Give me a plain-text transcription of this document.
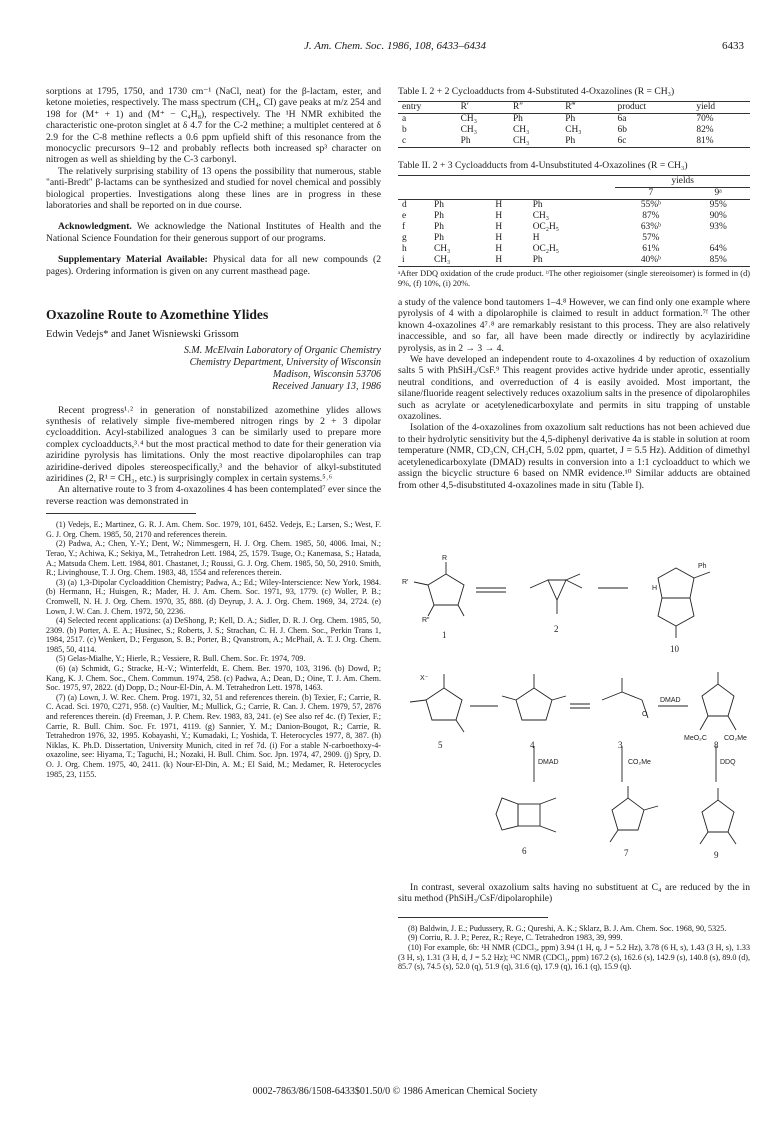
J. Am. Chem. Soc. 1986, 108, 6433–6434	6433

sorptions at 1795, 1750, and 1730 cm⁻¹ (NaCl, neat) for the β-lactam, ester, and ketone moieties, respectively. The mass spectrum (CH₄, CI) gave peaks at m/z 254 and 198 for (M⁺ + 1) and (M⁺ − C₄H₈), respectively. The ¹H NMR exhibited the characteristic one-proton singlet at δ 4.7 for the C-2 methine; a multiplet centered at δ 2.9 for the C-8 methine reflects a 0.6 ppm upfield shift of this resonance from the monocyclic precursors 9–12 and probably reflects both increased sp³ character on nitrogen as well as shielding by the C-3 carbonyl.

The relatively surprising stability of 13 opens the possibility that numerous, stable "anti-Bredt" β-lactams can be synthesized and studied for novel chemical and possibly biological properties. Investigations along these lines are in progress in these laboratories and shall be reported on in due course.

Acknowledgment. We acknowledge the National Institutes of Health and the National Science Foundation for their generous support of our programs.

Supplementary Material Available: Physical data for all new compounds (2 pages). Ordering information is given on any current masthead page.

Oxazoline Route to Azomethine Ylides
Edwin Vedejs* and Janet Wisniewski Grissom
S.M. McElvain Laboratory of Organic Chemistry
Chemistry Department, University of Wisconsin
Madison, Wisconsin 53706
Received January 13, 1986

Recent progress¹˒² in generation of nonstabilized azomethine ylides allows synthesis of relatively simple five-membered nitrogen rings by 2 + 3 dipolar cycloaddition. Acyl-stabilized analogues 3 can be similarly used to prepare more complex cycloadducts,³˒⁴ but the most practical method to date for their generation via aziridine pyrolysis has limitations. Only the most reactive dipolarophiles can trap aziridine-derived dipoles stereospecifically,³ and the behavior of alkyl-substituted aziridines (2, R¹ = CH₃, etc.) is surprisingly complex in certain systems.⁵˒⁶

An alternative route to 3 from 4-oxazolines 4 has been contemplated⁷ ever since the reverse reaction was demonstrated in

(1) Vedejs, E.; Martinez, G. R. J. Am. Chem. Soc. 1979, 101, 6452. Vedejs, E.; Larsen, S.; West, F. G. J. Org. Chem. 1985, 50, 2170 and references therein.

(2) Padwa, A.; Chen, Y.-Y.; Dent, W.; Nimmesgern, H. J. Org. Chem. 1985, 50, 4006. Imai, N.; Terao, Y.; Achiwa, K.; Sekiya, M., Tetrahedron Lett. 1984, 25, 1579. Tsuge, O.; Kanemasa, S.; Hatada, A.; Matsuda Chem. Lett. 1984, 801. Chastanet, J.; Roussi, G. J. Org. Chem. 1985, 50, 50, 2910. Smith, R.; Livinghouse, T. J. Org. Chem. 1983, 48, 1554 and references therein.

(3) (a) 1,3-Dipolar Cycloaddition Chemistry; Padwa, A.; Ed.; Wiley-Interscience: New York, 1984. (b) Hermann, H.; Huisgen, R.; Mader, H. J. Am. Chem. Soc. 1971, 93, 1779. (c) Woller, P. B.; Cromwell, N. H. J. Org. Chem. 1970, 35, 888. (d) Deyrup, J. A. J. Org. Chem. 1969, 34, 2724. (e) Lown, J. W. Can. J. Chem. 1972, 50, 2236.

(4) Selected recent applications: (a) DeShong, P.; Kell, D. A.; Sidler, D. R. J. Org. Chem. 1985, 50, 2309. (b) Porter, A. E. A.; Husinec, S.; Roberts, J. S.; Strachan, C. H. J. Chem. Soc., Perkin Trans 1, 1984, 2517. (c) Wenkert, D.; Ferguson, S. B.; Porter, B.; Qvanstrom, A.; McPhail, A. T. J. Org. Chem. 1985, 50, 4114.

(5) Gelas-Mialhe, Y.; Hierle, R.; Vessiere, R. Bull. Chem. Soc. Fr. 1974, 709.

(6) (a) Schmidt, G.; Stracke, H.-V.; Winterfeldt, E. Chem. Ber. 1970, 103, 3196. (b) Dowd, P.; Kang, K. J. Chem. Soc., Chem. Commun. 1974, 258. (c) Padwa, A.; Dean, D.; Oine, T. J. Am. Chem. Soc. 1975, 97, 2822. (d) Dopp, D.; Nour-El-Din, A. M. Tetrahedron Lett. 1978, 1463.

(7) (a) Lown, J. W. Rec. Chem. Prog. 1971, 32, 51 and references therein. (b) Texier, F.; Carrie, R. C. Acad. Sci. 1970, C271, 958. (c) Vaultier, M.; Mullick, G.; Carrie, R. Can. J. Chem. 1979, 57, 2876 and references therein. (d) Freeman, J. P. Chem. Rev. 1983, 83, 241. (e) See also ref 4c. (f) Texier, F.; Carrie, R. Bull. Chim. Soc. Fr. 1971, 4119. (g) Sannier, Y. M.; Danion-Bougot, R.; Carrie, R. Tetrahedron 1976, 32, 1995. Kobayashi, Y.; Kumadaki, I.; Yoshida, T. Heterocycles 1977, 8, 387. (h) Niklas, K. Ph.D. Dissertation, University Munich, cited in ref 7d. (i) For a stable N-carboethoxy-4-oxazoline, see: Hiyama, T.; Taguchi, H.; Nozaki, H. Bull. Chim. Soc. Jpn. 1974, 47, 2909. (j) Spry, D. O. J. Org. Chem. 1975, 40, 2411. (k) Nour-El-Din, A. M.; El Said, M.; Medamer, R. Heterocycles 1985, 23, 1155.

Table I. 2 + 2 Cycloadducts from 4-Substituted 4-Oxazolines (R = CH₃)
entry	R′	R″	R‴	product	yield
a	CH₃	Ph	Ph	6a	70%
b	CH₃	CH₃	CH₃	6b	82%
c	Ph	CH₃	Ph	6c	81%
Table II. 2 + 3 Cycloadducts from 4-Unsubstituted 4-Oxazolines (R = CH₃)
				yields	
				7	9ᵃ
d	Ph	H	Ph	55%ᵇ	95%
e	Ph	H	CH₃	87%	90%
f	Ph	H	OC₂H₅	63%ᵇ	93%
g	Ph	H	H	57%	
h	CH₃	H	OC₂H₅	61%	64%
i	CH₃	H	Ph	40%ᵇ	85%
ᵃAfter DDQ oxidation of the crude product. ᵇThe other regioisomer (single stereoisomer) is formed in (d) 9%, (f) 10%, (i) 20%.

a study of the valence bond tautomers 1–4.⁸ However, we can find only one example where pyrolysis of 4 with a dipolarophile is claimed to result in adduct formation.⁷ᶠ The other known 4-oxazolines 4⁷˒⁸ are remarkably resistant to this process. They are also relatively inaccessible, and so far, all have been made directly or indirectly by acylaziridine pyrolysis, as in 2 → 3 → 4.

We have developed an independent route to 4-oxazolines 4 by reduction of oxazolium salts 5 with PhSiH₃/CsF.⁹ This reagent provides active hydride under aprotic, essentially neutral conditions, and overreduction of 4 is easily avoided. Most important, the silane/fluoride reagent selectively reduces oxazolium salts in the presence of dipolarophiles such as acrylate or acetylenedicarboxylate and permits in situ trapping of unstable oxazolines.

Isolation of the 4-oxazolines from oxazolium salt reductions has not been achieved due to their hydrolytic sensitivity but the 4,5-diphenyl derivative 4a is stable in solution at room temperature (NMR, CD₃CN, CH₃CH, 5.02 ppm, quartet, J = 5.5 Hz). Addition of dimethyl acetylenedicarboxylate (DMAD) results in conversion into a 1:1 cycloadduct to which we assign the bicyclic structure 6 based on NMR evidence.¹⁰ Similar adducts are obtained from other 4,5-disubstituted 4-oxazolines made in situ (Table I).

1
2
10
5	4	3	8
6	7	9
DMAD
DMAD	CO₂Me	DDQ
R
R′
R″
Ph
H
X⁻
MeO₂C CO₂Me
O

In contrast, several oxazolium salts having no substituent at C₄ are reduced by the in situ method (PhSiH₃/CsF/dipolarophile)

(8) Baldwin, J. E.; Pudussery, R. G.; Qureshi, A. K.; Sklarz, B. J. Am. Chem. Soc. 1968, 90, 5325.

(9) Corriu, R. J. P.; Perez, R.; Reye, C. Tetrahedron 1983, 39, 999.

(10) For example, 6b: ¹H NMR (CDCl₃, ppm) 3.94 (1 H, q, J = 5.2 Hz), 3.78 (6 H, s), 1.43 (3 H, s), 1.33 (3 H, s), 1.31 (3 H, d, J = 5.2 Hz); ¹³C NMR (CDCl₃, ppm) 167.2 (s), 162.6 (s), 142.9 (s), 140.8 (s), 89.0 (d), 85.7 (s), 74.5 (s), 52.0 (q), 51.9 (q), 31.6 (q), 17.9 (q), 16.1 (q), 15.9 (q).

0002-7863/86/1508-6433$01.50/0 © 1986 American Chemical Society
